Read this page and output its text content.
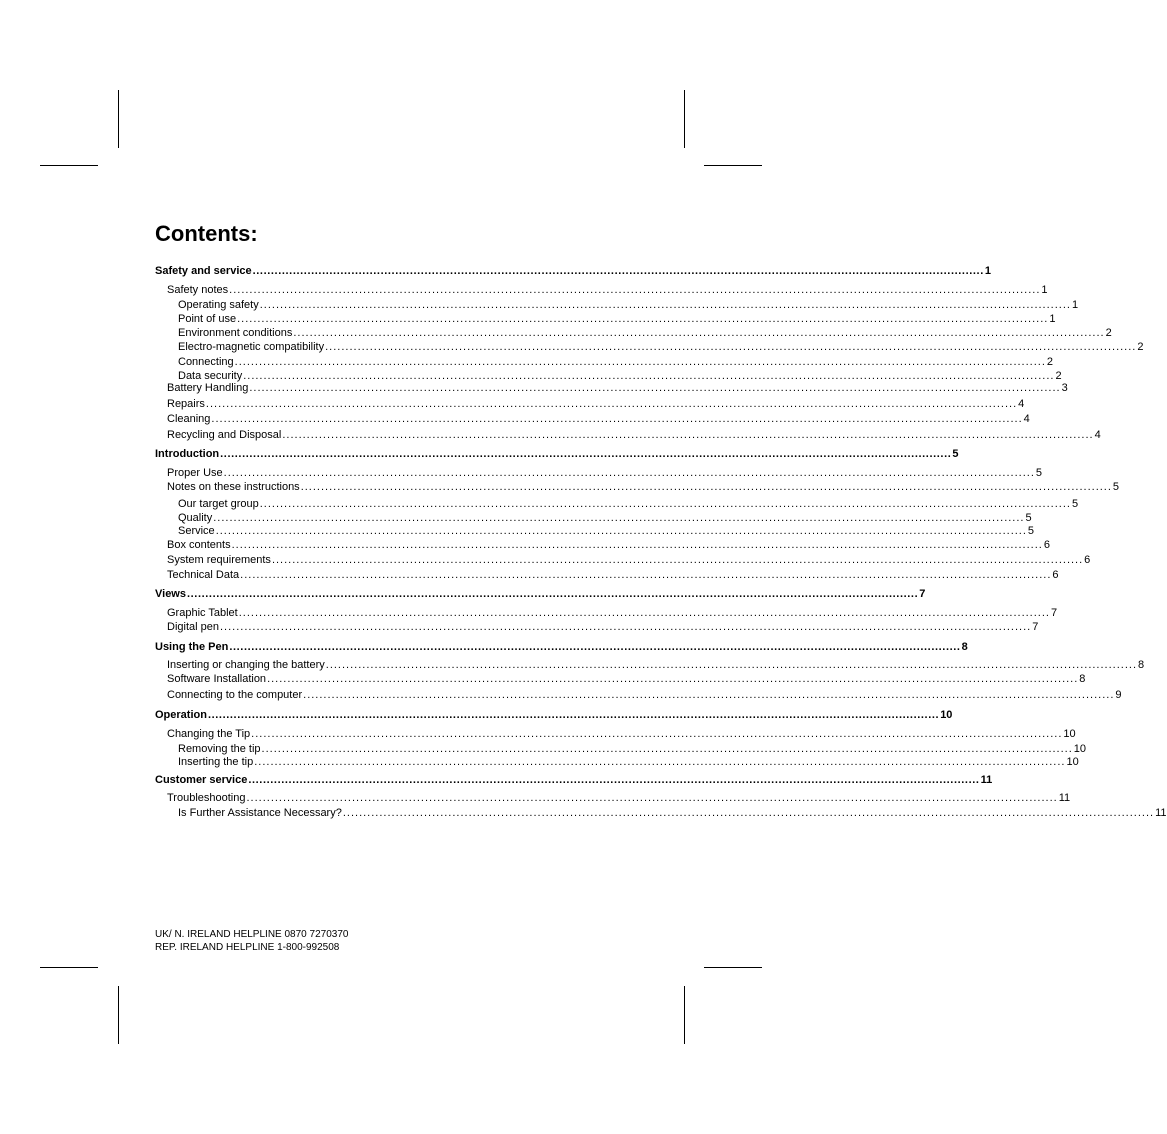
Contents:
Safety and service ........................................................................................................................................................................................................ 1
Safety notes ........................................................................................................................................................................................................ 1
Operating safety ........................................................................................................................................................................................................ 1
Point of use ........................................................................................................................................................................................................ 1
Environment conditions ........................................................................................................................................................................................................ 2
Electro-magnetic compatibility ........................................................................................................................................................................................................ 2
Connecting ........................................................................................................................................................................................................ 2
Data security ........................................................................................................................................................................................................ 2
Battery Handling ........................................................................................................................................................................................................ 3
Repairs ........................................................................................................................................................................................................ 4
Cleaning ........................................................................................................................................................................................................ 4
Recycling and Disposal ........................................................................................................................................................................................................ 4
Introduction ........................................................................................................................................................................................................ 5
Proper Use ........................................................................................................................................................................................................ 5
Notes on these instructions ........................................................................................................................................................................................................ 5
Our target group ........................................................................................................................................................................................................ 5
Quality ........................................................................................................................................................................................................ 5
Service ........................................................................................................................................................................................................ 5
Box contents ........................................................................................................................................................................................................ 6
System requirements ........................................................................................................................................................................................................ 6
Technical Data ........................................................................................................................................................................................................ 6
Views ........................................................................................................................................................................................................ 7
Graphic Tablet ........................................................................................................................................................................................................ 7
Digital pen ........................................................................................................................................................................................................ 7
Using the Pen ........................................................................................................................................................................................................ 8
Inserting or changing the battery ........................................................................................................................................................................................................ 8
Software Installation ........................................................................................................................................................................................................ 8
Connecting to the computer ........................................................................................................................................................................................................ 9
Operation ........................................................................................................................................................................................................ 10
Changing the Tip ........................................................................................................................................................................................................ 10
Removing the tip ........................................................................................................................................................................................................ 10
Inserting the tip ........................................................................................................................................................................................................ 10
Customer service ........................................................................................................................................................................................................ 11
Troubleshooting ........................................................................................................................................................................................................ 11
Is Further Assistance Necessary? ........................................................................................................................................................................................................ 11
UK/ N. IRELAND HELPLINE 0870 7270370
REP. IRELAND HELPLINE 1-800-992508
